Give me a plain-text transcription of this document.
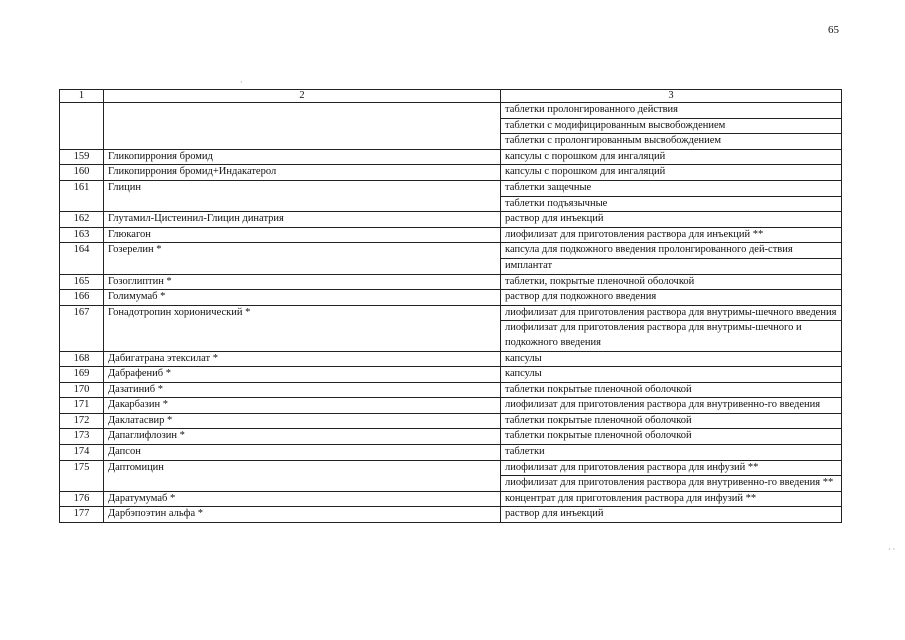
65
1	2	3
		таблетки пролонгированного действия
		таблетки с модифицированным высвобождением
		таблетки с пролонгированным высвобождением
159	Гликопиррония бромид	капсулы с порошком для ингаляций
160	Гликопиррония бромид+Индакатерол	капсулы с порошком для ингаляций
161	Глицин	таблетки защечные
		таблетки подъязычные
162	Глутамил-Цистеинил-Глицин динатрия	раствор для инъекций
163	Глюкагон	лиофилизат для приготовления раствора для инъекций **
164	Гозерелин *	капсула для подкожного введения пролонгированного дей-ствия
		имплантат
165	Гозоглиптин *	таблетки, покрытые пленочной оболочкой
166	Голимумаб *	раствор для подкожного введения
167	Гонадотропин хорионический *	лиофилизат для приготовления раствора для внутримы-шечного введения
		лиофилизат для приготовления раствора для внутримы-шечного и подкожного введения
168	Дабигатрана этексилат *	капсулы
169	Дабрафениб *	капсулы
170	Дазатиниб *	таблетки покрытые пленочной оболочкой
171	Дакарбазин *	лиофилизат для приготовления раствора для внутривенно-го введения
172	Даклатасвир *	таблетки покрытые пленочной оболочкой
173	Дапаглифлозин *	таблетки покрытые пленочной оболочкой
174	Дапсон	таблетки
175	Даптомицин	лиофилизат для приготовления раствора для инфузий **
		лиофилизат для приготовления раствора для внутривенно-го введения **
176	Даратумумаб *	концентрат для приготовления раствора для инфузий **
177	Дарбэпоэтин альфа *	раствор для инъекций
·
· ·
